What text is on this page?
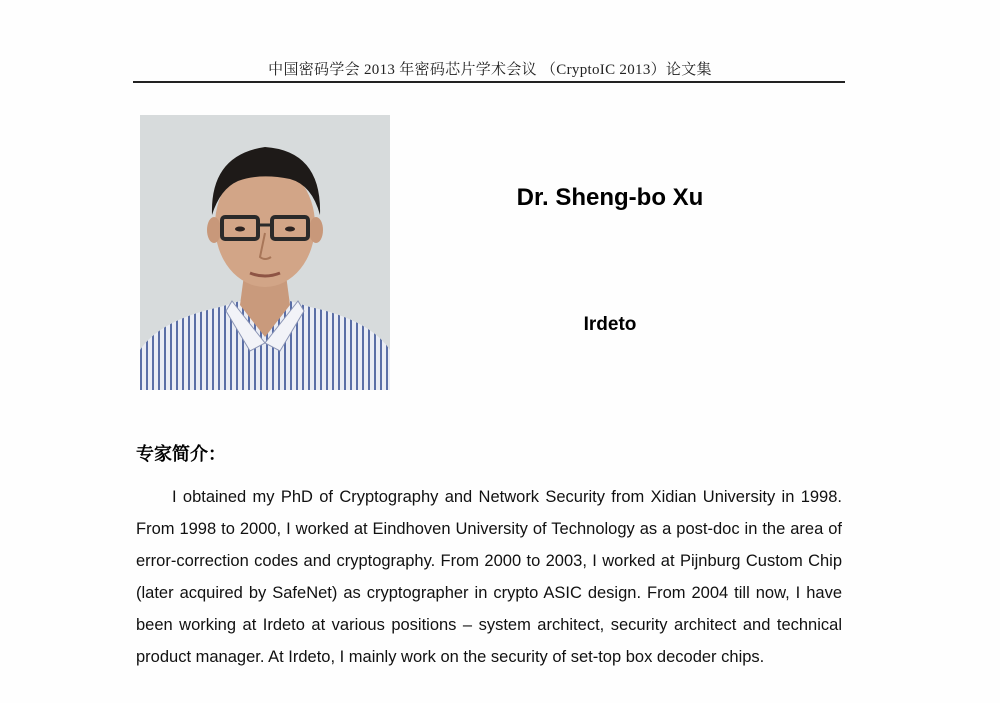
中国密码学会 2013 年密码芯片学术会议 （CryptoIC 2013）论文集
Dr. Sheng-bo Xu
Irdeto
专家简介：

I obtained my PhD of Cryptography and Network Security from Xidian University in 1998. From 1998 to 2000, I worked at Eindhoven University of Technology as a post-doc in the area of error-correction codes and cryptography. From 2000 to 2003, I worked at Pijnburg Custom Chip (later acquired by SafeNet) as cryptographer in crypto ASIC design. From 2004 till now, I have been working at Irdeto at various positions – system architect, security architect and technical product manager. At Irdeto, I mainly work on the security of set-top box decoder chips.
